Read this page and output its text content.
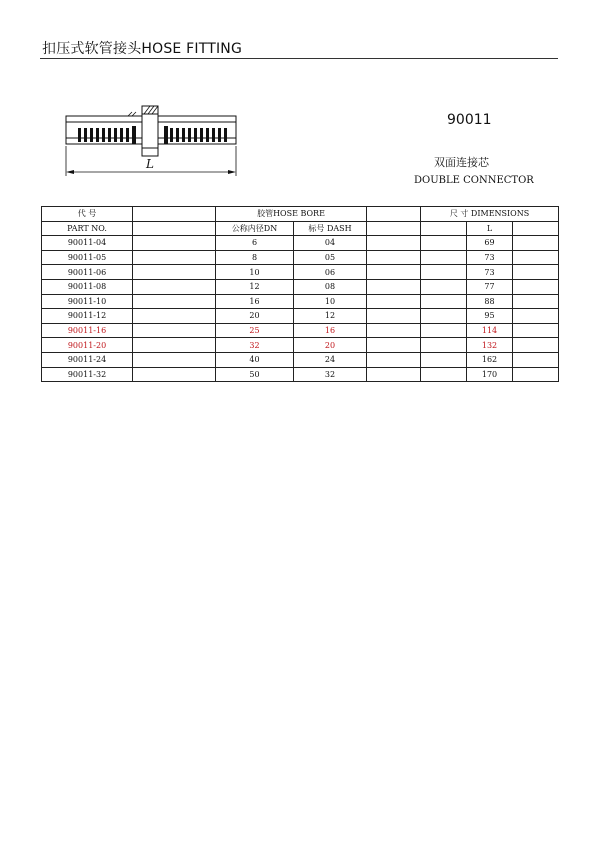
扣压式软管接头HOSE FITTING
L
90011
双面连接芯
DOUBLE CONNECTOR
代 号		胶管HOSE BORE			尺 寸 DIMENSIONS		
PART NO.		公称内径DN	标号 DASH			L	
90011-04		6	04			69	
90011-05		8	05			73	
90011-06		10	06			73	
90011-08		12	08			77	
90011-10		16	10			88	
90011-12		20	12			95	
90011-16		25	16			114	
90011-20		32	20			132	
90011-24		40	24			162	
90011-32		50	32			170	
